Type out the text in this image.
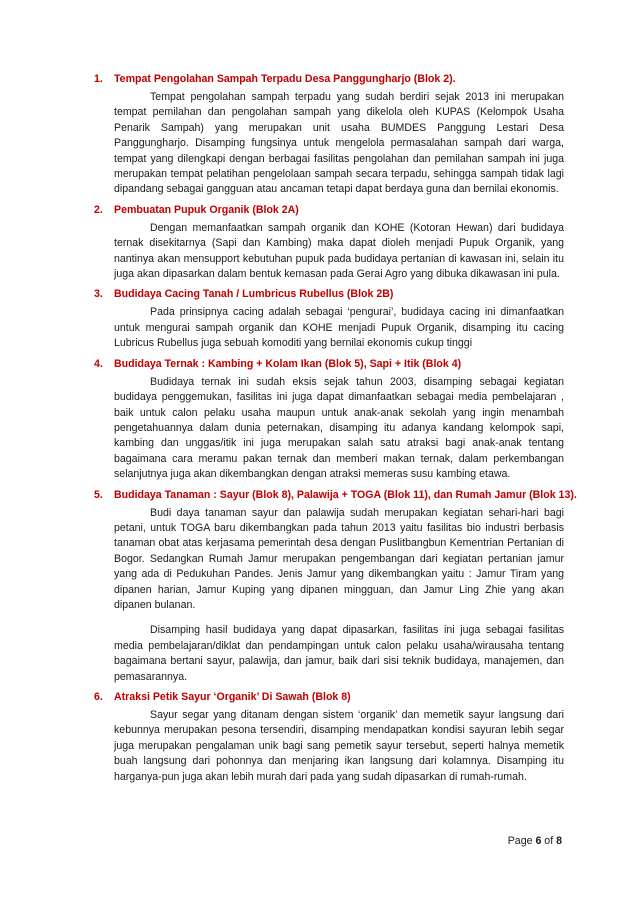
1. Tempat Pengolahan Sampah Terpadu Desa Panggungharjo (Blok 2).

Tempat pengolahan sampah terpadu yang sudah berdiri sejak 2013 ini merupakan tempat pemilahan dan pengolahan sampah yang dikelola oleh KUPAS (Kelompok Usaha Penarik Sampah) yang merupakan unit usaha BUMDES Panggung Lestari Desa Panggungharjo. Disamping fungsinya untuk mengelola permasalahan sampah dari warga, tempat yang dilengkapi dengan berbagai fasilitas pengolahan dan pemilahan sampah ini juga merupakan tempat pelatihan pengelolaan sampah secara terpadu, sehingga sampah tidak lagi dipandang sebagai gangguan atau ancaman tetapi dapat berdaya guna dan bernilai ekonomis.

2. Pembuatan Pupuk Organik (Blok 2A)

Dengan memanfaatkan sampah organik dan KOHE (Kotoran Hewan) dari budidaya ternak disekitarnya (Sapi dan Kambing) maka dapat dioleh menjadi Pupuk Organik, yang nantinya akan mensupport kebutuhan pupuk pada budidaya pertanian di kawasan ini, selain itu juga akan dipasarkan dalam bentuk kemasan pada Gerai Agro yang dibuka dikawasan ini pula.

3. Budidaya Cacing Tanah / Lumbricus Rubellus (Blok 2B)

Pada prinsipnya cacing adalah sebagai ‘pengurai’, budidaya cacing ini dimanfaatkan untuk mengurai sampah organik dan KOHE menjadi Pupuk Organik, disamping itu cacing Lubricus Rubellus juga sebuah komoditi yang bernilai ekonomis cukup tinggi

4. Budidaya Ternak : Kambing + Kolam Ikan (Blok 5), Sapi + Itik (Blok 4)

Budidaya ternak ini sudah eksis sejak tahun 2003, disamping sebagai kegiatan budidaya penggemukan, fasilitas ini juga dapat dimanfaatkan sebagai media pembelajaran , baik untuk calon pelaku usaha maupun untuk anak-anak sekolah yang ingin menambah pengetahuannya dalam dunia peternakan, disamping itu adanya kandang kelompok sapi, kambing dan unggas/itik ini juga merupakan salah satu atraksi bagi anak-anak tentang bagaimana cara meramu pakan ternak dan memberi makan ternak, dalam perkembangan selanjutnya juga akan dikembangkan dengan atraksi memeras susu kambing etawa.

5. Budidaya Tanaman : Sayur (Blok 8), Palawija + TOGA (Blok 11), dan Rumah Jamur (Blok 13).

Budi daya tanaman sayur dan palawija sudah merupakan kegiatan sehari-hari bagi petani, untuk TOGA baru dikembangkan pada tahun 2013 yaitu fasilitas bio industri berbasis tanaman obat atas kerjasama pemerintah desa dengan Puslitbangbun Kementrian Pertanian di Bogor. Sedangkan Rumah Jamur merupakan pengembangan dari kegiatan pertanian jamur yang ada di Pedukuhan Pandes. Jenis Jamur yang dikembangkan yaitu : Jamur Tiram yang dipanen harian, Jamur Kuping yang dipanen mingguan, dan Jamur Ling Zhie yang akan dipanen bulanan.

Disamping hasil budidaya yang dapat dipasarkan, fasilitas ini juga sebagai fasilitas media pembelajaran/diklat dan pendampingan untuk calon pelaku usaha/wirausaha tentang bagaimana bertani sayur, palawija, dan jamur, baik dari sisi teknik budidaya, manajemen, dan pemasarannya.

6. Atraksi Petik Sayur ‘Organik’ Di Sawah (Blok 8)

Sayur segar yang ditanam dengan sistem ‘organik’ dan memetik sayur langsung dari kebunnya merupakan pesona tersendiri, disamping mendapatkan kondisi sayuran lebih segar juga merupakan pengalaman unik bagi sang pemetik sayur tersebut, seperti halnya memetik buah langsung dari pohonnya dan menjaring ikan langsung dari kolamnya. Disamping itu harganya-pun juga akan lebih murah dari pada yang sudah dipasarkan di rumah-rumah.

Page 6 of 8
